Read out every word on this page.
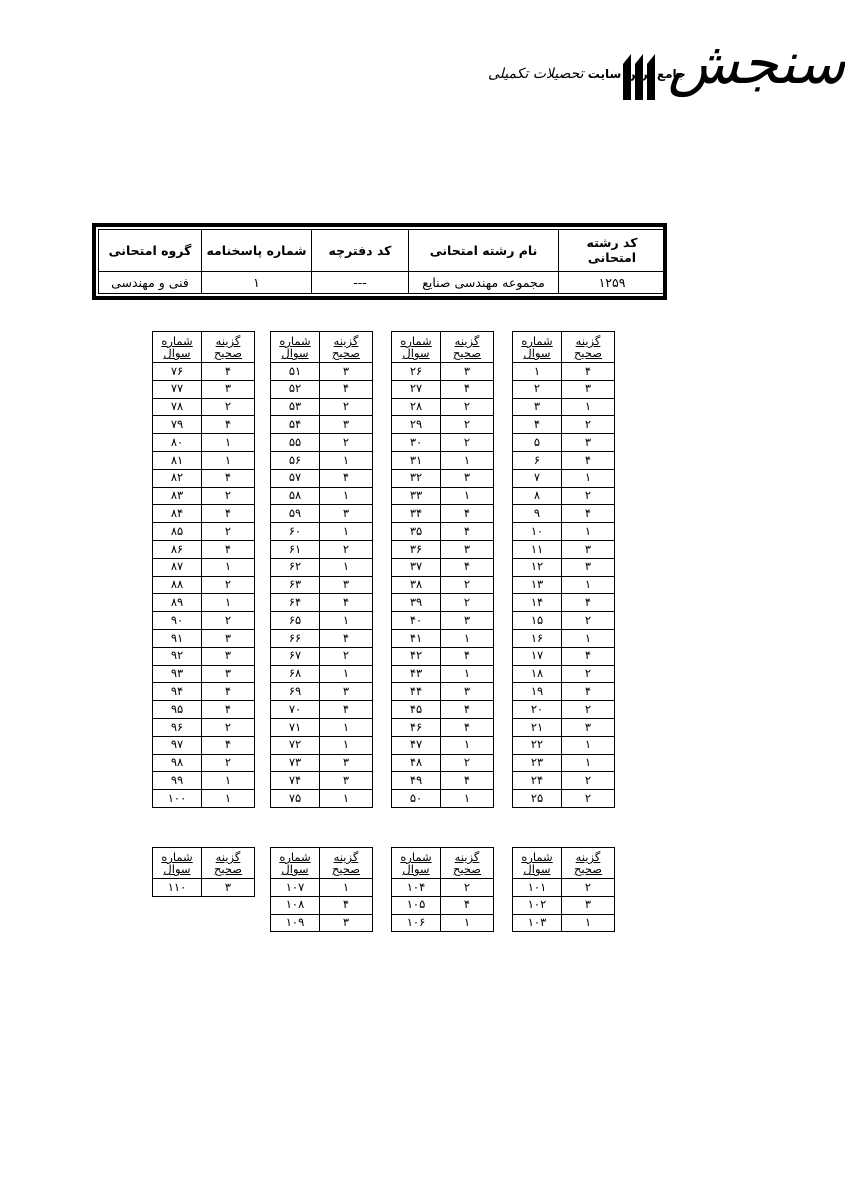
سنجش
جامع ترین سایت تحصیلات تکمیلی
کد رشته امتحانی	نام رشته امتحانی	کد دفترچه	شماره پاسخنامه	گروه امتحانی
۱۲۵۹	مجموعه مهندسی صنایع	---	۱	فنی و مهندسی
گزینه صحیح	شماره سوال
۴	۱
۳	۲
۱	۳
۲	۴
۳	۵
۴	۶
۱	۷
۲	۸
۴	۹
۱	۱۰
۳	۱۱
۳	۱۲
۱	۱۳
۴	۱۴
۲	۱۵
۱	۱۶
۴	۱۷
۲	۱۸
۴	۱۹
۲	۲۰
۳	۲۱
۱	۲۲
۱	۲۳
۲	۲۴
۲	۲۵
گزینه صحیح	شماره سوال
۳	۲۶
۴	۲۷
۲	۲۸
۲	۲۹
۲	۳۰
۱	۳۱
۳	۳۲
۱	۳۳
۴	۳۴
۴	۳۵
۳	۳۶
۴	۳۷
۲	۳۸
۲	۳۹
۳	۴۰
۱	۴۱
۴	۴۲
۱	۴۳
۳	۴۴
۴	۴۵
۴	۴۶
۱	۴۷
۲	۴۸
۴	۴۹
۱	۵۰
گزینه صحیح	شماره سوال
۳	۵۱
۴	۵۲
۲	۵۳
۳	۵۴
۲	۵۵
۱	۵۶
۴	۵۷
۱	۵۸
۳	۵۹
۱	۶۰
۲	۶۱
۱	۶۲
۳	۶۳
۴	۶۴
۱	۶۵
۴	۶۶
۲	۶۷
۱	۶۸
۳	۶۹
۴	۷۰
۱	۷۱
۱	۷۲
۳	۷۳
۳	۷۴
۱	۷۵
گزینه صحیح	شماره سوال
۴	۷۶
۳	۷۷
۲	۷۸
۴	۷۹
۱	۸۰
۱	۸۱
۴	۸۲
۲	۸۳
۴	۸۴
۲	۸۵
۴	۸۶
۱	۸۷
۲	۸۸
۱	۸۹
۲	۹۰
۳	۹۱
۳	۹۲
۳	۹۳
۴	۹۴
۴	۹۵
۲	۹۶
۴	۹۷
۲	۹۸
۱	۹۹
۱	۱۰۰
گزینه صحیح	شماره سوال
۲	۱۰۱
۳	۱۰۲
۱	۱۰۳
گزینه صحیح	شماره سوال
۲	۱۰۴
۴	۱۰۵
۱	۱۰۶
گزینه صحیح	شماره سوال
۱	۱۰۷
۴	۱۰۸
۳	۱۰۹
گزینه صحیح	شماره سوال
۳	۱۱۰
